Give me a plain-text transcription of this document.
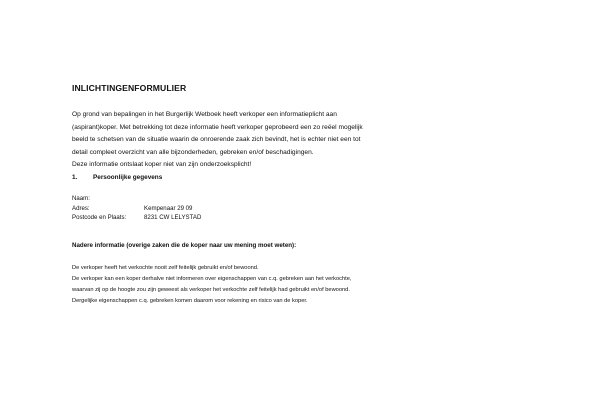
INLICHTINGENFORMULIER
Op grond van bepalingen in het Burgerlijk Wetboek heeft verkoper een informatieplicht aan
(aspirant)koper. Met betrekking tot deze informatie heeft verkoper geprobeerd een zo reëel mogelijk
beeld te schetsen van de situatie waarin de onroerende zaak zich bevindt, het is echter niet een tot
detail compleet overzicht van alle bijzonderheden, gebreken en/of beschadigingen.
Deze informatie ontslaat koper niet van zijn onderzoeksplicht!
1. Persoonlijke gegevens
Naam:
Adres:	Kempenaar 29 09
Postcode en Plaats:	8231 CW LELYSTAD
Nadere informatie (overige zaken die de koper naar uw mening moet weten):
De verkoper heeft het verkochte nooit zelf feitelijk gebruikt en/of bewoond.
De verkoper kan een koper derhalve niet informeren over eigenschappen van c.q. gebreken aan het verkochte,
waarvan zij op de hoogte zou zijn geweest als verkoper het verkochte zelf feitelijk had gebruikt en/of bewoond.
Dergelijke eigenschappen c.q. gebreken komen daarom voor rekening en risico van de koper.
